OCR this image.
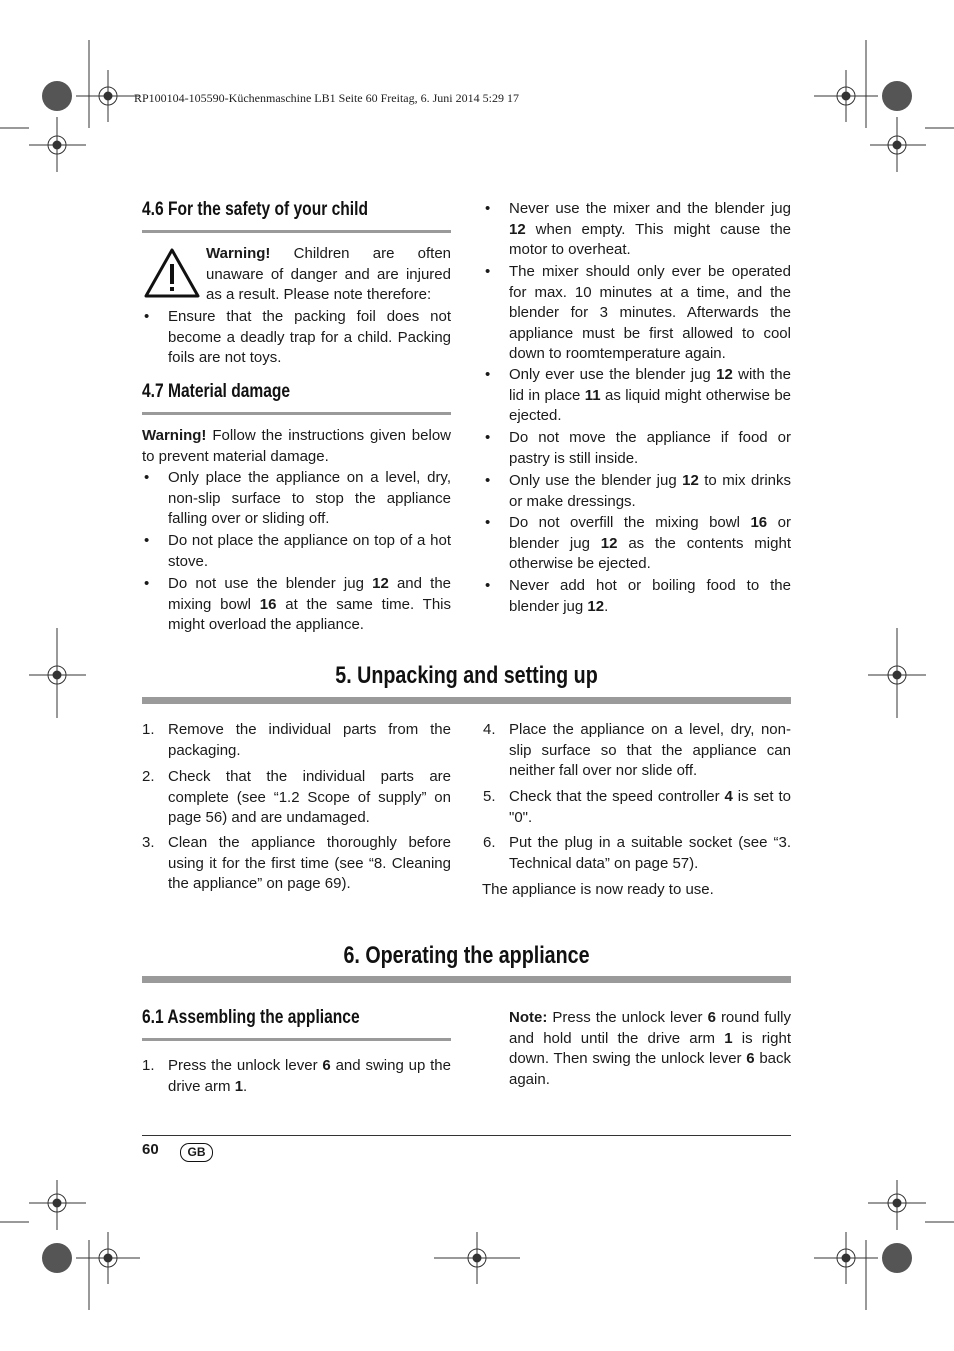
RP100104-105590-Küchenmaschine LB1 Seite 60 Freitag, 6. Juni 2014 5:29 17
4.6 For the safety of your child
Warning! Children are often unaware of danger and are injured as a result. Please note therefore:
• Ensure that the packing foil does not become a deadly trap for a child. Packing foils are not toys.
4.7 Material damage
Warning! Follow the instructions given below to prevent material damage.
• Only place the appliance on a level, dry, non-slip surface to stop the appliance falling over or sliding off.
• Do not place the appliance on top of a hot stove.
• Do not use the blender jug 12 and the mixing bowl 16 at the same time. This might overload the appliance.
• Never use the mixer and the blender jug 12 when empty. This might cause the motor to overheat.
• The mixer should only ever be operated for max. 10 minutes at a time, and the blender for 3 minutes. Afterwards the appliance must be first allowed to cool down to roomtemperature again.
• Only ever use the blender jug 12 with the lid in place 11 as liquid might otherwise be ejected.
• Do not move the appliance if food or pastry is still inside.
• Only use the blender jug 12 to mix drinks or make dressings.
• Do not overfill the mixing bowl 16 or blender jug 12 as the contents might otherwise be ejected.
• Never add hot or boiling food to the blender jug 12.
5. Unpacking and setting up
1. Remove the individual parts from the packaging.
2. Check that the individual parts are complete (see “1.2 Scope of supply” on page 56) and are undamaged.
3. Clean the appliance thoroughly before using it for the first time (see “8. Cleaning the appliance” on page 69).
4. Place the appliance on a level, dry, non-slip surface so that the appliance can neither fall over nor slide off.
5. Check that the speed controller 4 is set to "0".
6. Put the plug in a suitable socket (see “3. Technical data” on page 57).
The appliance is now ready to use.
6. Operating the appliance
6.1 Assembling the appliance
1. Press the unlock lever 6 and swing up the drive arm 1.
Note: Press the unlock lever 6 round fully and hold until the drive arm 1 is right down. Then swing the unlock lever 6 back again.
60	GB
